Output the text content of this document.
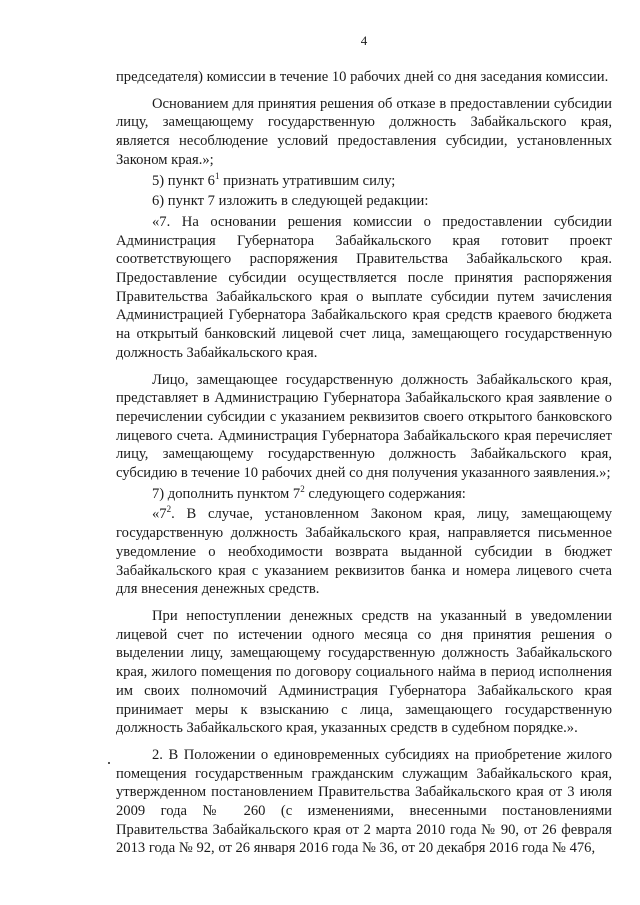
4

председателя) комиссии в течение 10 рабочих дней со дня заседания комиссии.

Основанием для принятия решения об отказе в предоставлении субсидии лицу, замещающему государственную должность Забайкальского края, является несоблюдение условий предоставления субсидии, установленных Законом края.»;

5) пункт $6^1$ признать утратившим силу;

6) пункт 7 изложить в следующей редакции:

«7. На основании решения комиссии о предоставлении субсидии Администрация Губернатора Забайкальского края готовит проект соответствующего распоряжения Правительства Забайкальского края. Предоставление субсидии осуществляется после принятия распоряжения Правительства Забайкальского края о выплате субсидии путем зачисления Администрацией Губернатора Забайкальского края средств краевого бюджета на открытый банковский лицевой счет лица, замещающего государственную должность Забайкальского края.

Лицо, замещающее государственную должность Забайкальского края, представляет в Администрацию Губернатора Забайкальского края заявление о перечислении субсидии с указанием реквизитов своего открытого банковского лицевого счета. Администрация Губернатора Забайкальского края перечисляет лицу, замещающему государственную должность Забайкальского края, субсидию в течение 10 рабочих дней со дня получения указанного заявления.»;

7) дополнить пунктом $7^2$ следующего содержания:

«$7^2$. В случае, установленном Законом края, лицу, замещающему государственную должность Забайкальского края, направляется письменное уведомление о необходимости возврата выданной субсидии в бюджет Забайкальского края с указанием реквизитов банка и номера лицевого счета для внесения денежных средств.

При непоступлении денежных средств на указанный в уведомлении лицевой счет по истечении одного месяца со дня принятия решения о выделении лицу, замещающему государственную должность Забайкальского края, жилого помещения по договору социального найма в период исполнения им своих полномочий Администрация Губернатора Забайкальского края принимает меры к взысканию с лица, замещающего государственную должность Забайкальского края, указанных средств в судебном порядке.».

2. В Положении о единовременных субсидиях на приобретение жилого помещения государственным гражданским служащим Забайкальского края, утвержденном постановлением Правительства Забайкальского края от 3 июля 2009 года № 260 (с изменениями, внесенными постановлениями Правительства Забайкальского края от 2 марта 2010 года № 90, от 26 февраля 2013 года № 92, от 26 января 2016 года № 36, от 20 декабря 2016 года № 476,
